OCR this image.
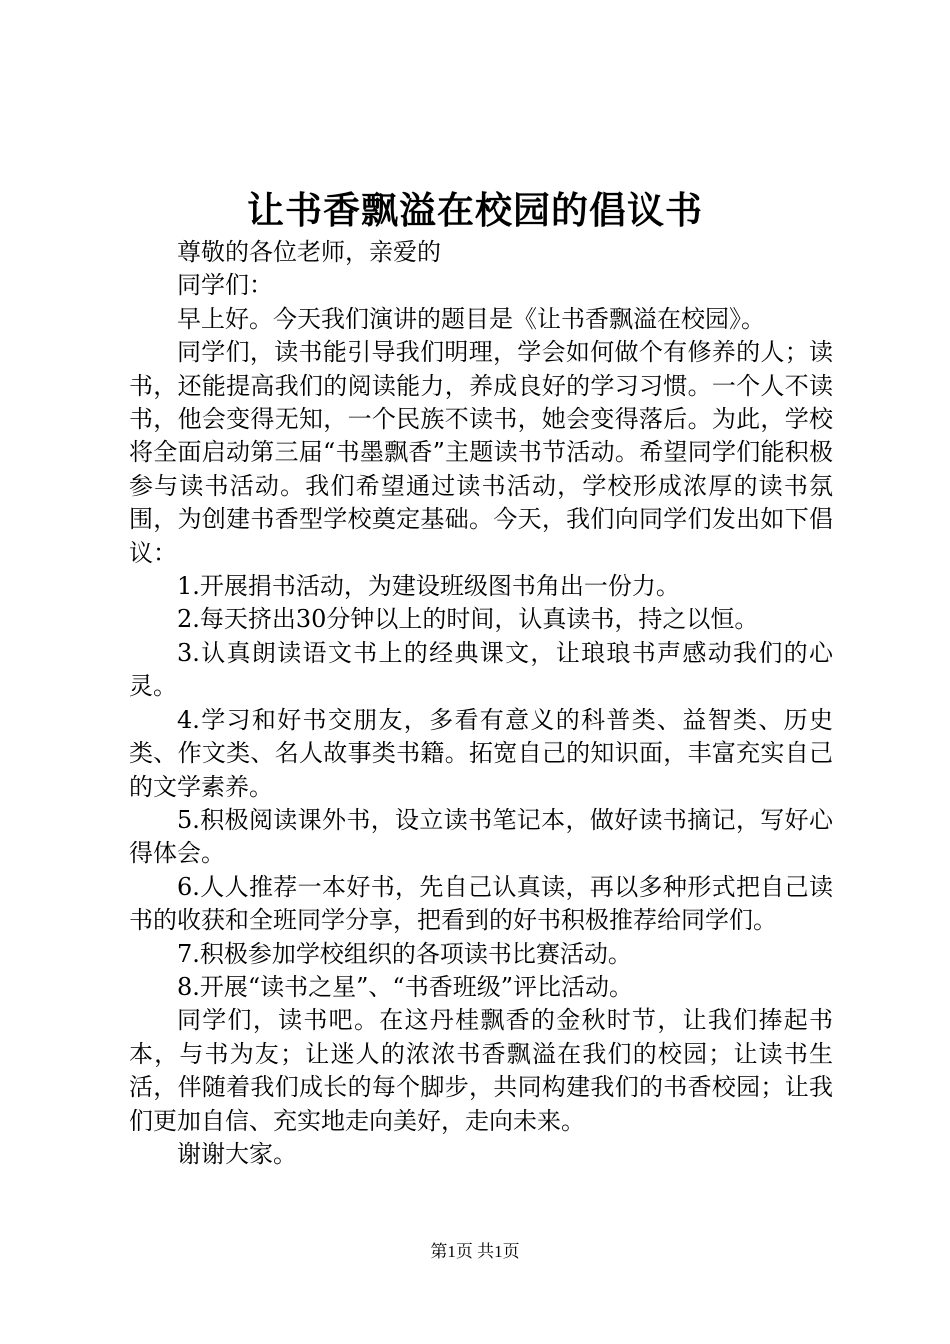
让书香飘溢在校园的倡议书

尊敬的各位老师，亲爱的

同学们：

早上好。今天我们演讲的题目是《让书香飘溢在校园》。

同学们，读书能引导我们明理，学会如何做个有修养的人；读书，还能提高我们的阅读能力，养成良好的学习习惯。一个人不读书，他会变得无知，一个民族不读书，她会变得落后。为此，学校将全面启动第三届“书墨飘香”主题读书节活动。希望同学们能积极参与读书活动。我们希望通过读书活动，学校形成浓厚的读书氛围，为创建书香型学校奠定基础。今天，我们向同学们发出如下倡议：

1.开展捐书活动，为建设班级图书角出一份力。

2.每天挤出30分钟以上的时间，认真读书，持之以恒。

3.认真朗读语文书上的经典课文，让琅琅书声感动我们的心灵。

4.学习和好书交朋友，多看有意义的科普类、益智类、历史类、作文类、名人故事类书籍。拓宽自己的知识面，丰富充实自己的文学素养。

5.积极阅读课外书，设立读书笔记本，做好读书摘记，写好心得体会。

6.人人推荐一本好书，先自己认真读，再以多种形式把自己读书的收获和全班同学分享，把看到的好书积极推荐给同学们。

7.积极参加学校组织的各项读书比赛活动。

8.开展“读书之星”、“书香班级”评比活动。

同学们，读书吧。在这丹桂飘香的金秋时节，让我们捧起书本，与书为友；让迷人的浓浓书香飘溢在我们的校园；让读书生活，伴随着我们成长的每个脚步，共同构建我们的书香校园；让我们更加自信、充实地走向美好，走向未来。

谢谢大家。

第1页 共1页
